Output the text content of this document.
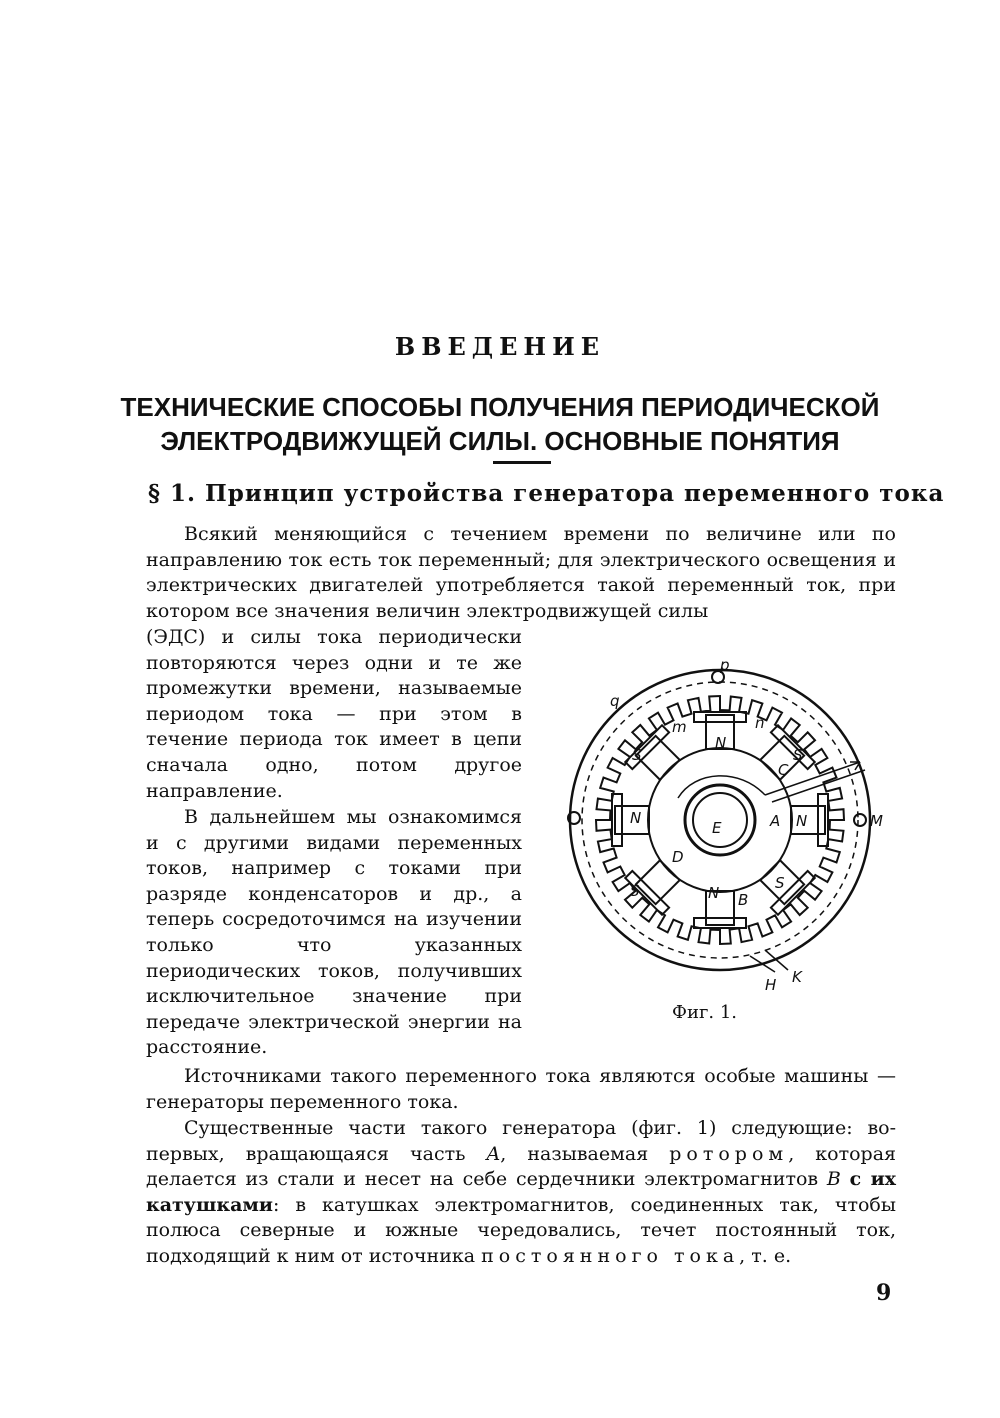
ВВЕДЕНИЕ
ТЕХНИЧЕСКИЕ СПОСОБЫ ПОЛУЧЕНИЯ ПЕРИОДИЧЕСКОЙ
ЭЛЕКТРОДВИЖУЩЕЙ СИЛЫ. ОСНОВНЫЕ ПОНЯТИЯ
§ 1. Принцип устройства генератора переменного тока
Всякий меняющийся с течением времени по величине или по направлению ток есть ток переменный; для электрического освещения и электрических двигателей употребляется такой переменный ток, при котором все значения величин электродвижущей силы
(ЭДС) и силы тока периодически повторяются через одни и те же промежутки времени, называемые периодом тока — при этом в течение периода ток имеет в цепи сначала одно, потом другое направление.
В дальнейшем мы ознакомимся и с другими видами переменных токов, например с токами при разряде конденсаторов и др., а теперь сосредоточимся на изучении только что указанных периодических токов, получивших исключительное значение при передаче электрической энергии на расстояние.
Источниками такого переменного тока являются особые машины — генераторы переменного тока.
Существенные части такого генератора (фиг. 1) следующие: во-первых, вращающаяся часть A, называемая ротором, которая делается из стали и несет на себе сердечники электромагнитов B с их катушками: в катушках электромагнитов, соединенных так, чтобы полюса северные и южные чередовались, течет постоянный ток, подходящий к ним от источника постоянного тока, т. е.
p
q
m	n
N
S	S
C
N
E	A N
D
S	S
N B
M
H K
Фиг. 1.
9
